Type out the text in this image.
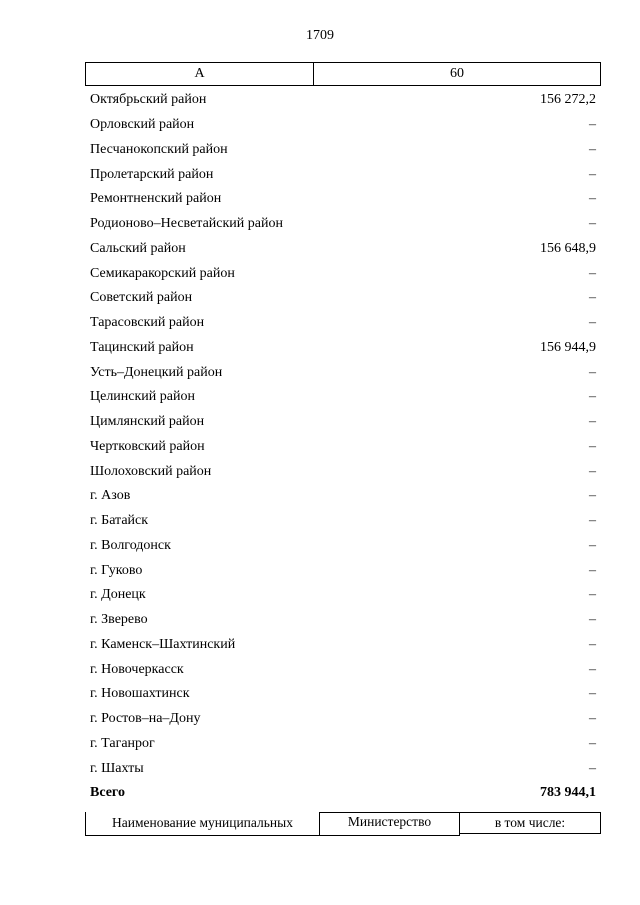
1709
А	60
Октябрьский район	156 272,2
Орловский район	–
Песчанокопский район	–
Пролетарский район	–
Ремонтненский район	–
Родионово–Несветайский район	–
Сальский район	156 648,9
Семикаракорский район	–
Советский район	–
Тарасовский район	–
Тацинский район	156 944,9
Усть–Донецкий район	–
Целинский район	–
Цимлянский район	–
Чертковский район	–
Шолоховский район	–
г. Азов	–
г. Батайск	–
г. Волгодонск	–
г. Гуково	–
г. Донецк	–
г. Зверево	–
г. Каменск–Шахтинский	–
г. Новочеркасск	–
г. Новошахтинск	–
г. Ростов–на–Дону	–
г. Таганрог	–
г. Шахты	–
Всего	783 944,1
Наименование муниципальных	Министерство	в том числе:
